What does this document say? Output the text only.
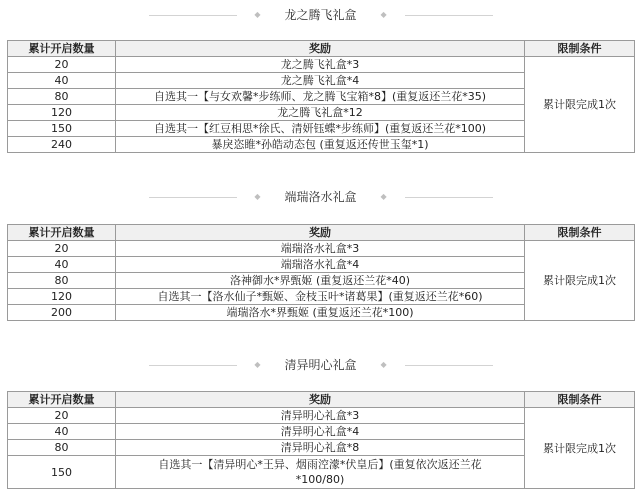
◆ 龙之腾飞礼盒	◆
累计开启数量	奖励	限制条件
20	龙之腾飞礼盒*3	累计限完成1次
40	龙之腾飞礼盒*4	
80	自选其一【与女欢馨*步练师、龙之腾飞宝箱*8】(重复返还兰花*35)	
120	龙之腾飞礼盒*12	
150	自选其一【红豆相思*徐氏、清妍钰蝶*步练师】(重复返还兰花*100)	
240	暴戾恣睢*孙皓动态包 (重复返还传世玉玺*1)	
◆ 端瑞洛水礼盒	◆
累计开启数量	奖励	限制条件
20	端瑞洛水礼盒*3	累计限完成1次
40	端瑞洛水礼盒*4	
80	洛神御水*界甄姬 (重复返还兰花*40)	
120	自选其一【洛水仙子*甄姬、金枝玉叶*诸葛果】(重复返还兰花*60)	
200	端瑞洛水*界甄姬 (重复返还兰花*100)	
◆ 清异明心礼盒	◆
累计开启数量	奖励	限制条件
20	清异明心礼盒*3	累计限完成1次
40	清异明心礼盒*4	
80	清异明心礼盒*8	
150	自选其一【清异明心*王异、烟雨涳濛*伏皇后】(重复依次返还兰花
*100/80)	
